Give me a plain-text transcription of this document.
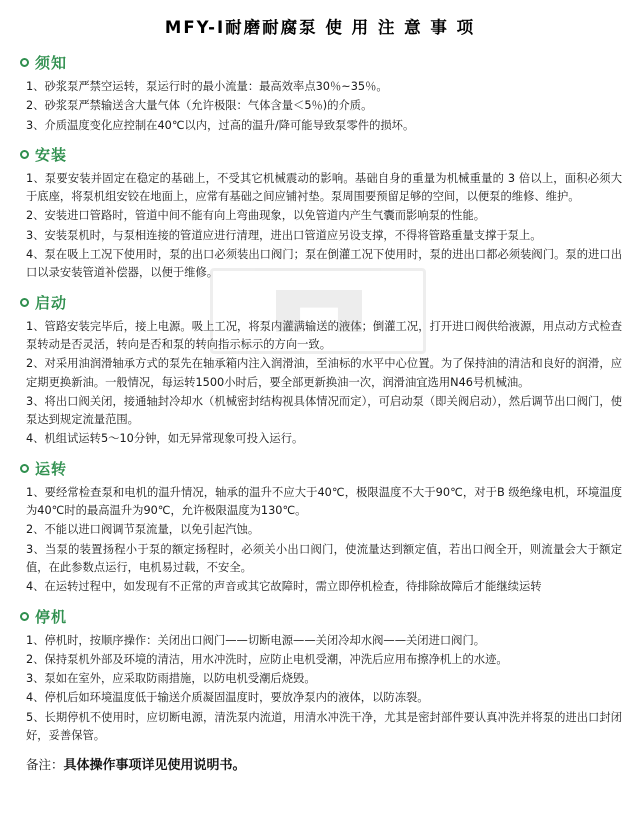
MFY-I耐磨耐腐泵 使 用 注 意 事 项
须知
1、砂浆泵严禁空运转，泵运行时的最小流量：最高效率点30％~35％。
2、砂浆泵严禁输送含大量气体（允许极限：气体含量＜5％)的介质。
3、介质温度变化应控制在40℃以内，过高的温升/降可能导致泵零件的损坏。
安装
1、泵要安装并固定在稳定的基础上，不受其它机械震动的影响。基础自身的重量为机械重量的 3 倍以上，面积必须大于底座，将泵机组安铰在地面上，应常有基础之间应铺衬垫。泵周围要预留足够的空间，以便泵的维修、维护。
2、安装进口管路时，管道中间不能有向上弯曲现象，以免管道内产生气囊而影响泵的性能。
3、安装泵机时，与泵相连接的管道应进行清理，进出口管道应另设支撑，不得将管路重量支撑于泵上。
4、泵在吸上工况下使用时，泵的出口必须装出口阀门；泵在倒灌工况下使用时，泵的进出口都必须装阀门。泵的进口出口以录安装管道补偿器，以便于维修。
启动
1、管路安装完毕后，接上电源。吸上工况，将泵内灌满输送的液体；倒灌工况，打开进口阀供给液源，用点动方式检查泵转动是否灵活，转向是否和泵的转向指示标示的方向一致。
2、对采用油润滑轴承方式的泵先在轴承箱内注入润滑油，至油标的水平中心位置。为了保持油的清洁和良好的润滑，应定期更换新油。一般情况，每运转1500小时后，要全部更新换油一次，润滑油宜选用N46号机械油。
3、将出口阀关闭，接通轴封冷却水（机械密封结构视具体情况而定），可启动泵（即关阀启动），然后调节出口阀门，使泵达到规定流量范围。
4、机组试运转5～10分钟，如无异常现象可投入运行。
运转
1、要经常检查泵和电机的温升情况，轴承的温升不应大于40℃，极限温度不大于90℃，对于B 级绝缘电机，环境温度为40℃时的最高温升为90℃，允许极限温度为130℃。
2、不能以进口阀调节泵流量，以免引起汽蚀。
3、当泵的装置扬程小于泵的额定扬程时，必须关小出口阀门，使流量达到额定值，若出口阀全开，则流量会大于额定值，在此参数点运行，电机易过载，不安全。
4、在运转过程中，如发现有不正常的声音或其它故障时，需立即停机检查，待排除故障后才能继续运转
停机
1、停机时，按顺序操作：关闭出口阀门——切断电源——关闭冷却水阀——关闭进口阀门。
2、保持泵机外部及环境的清洁，用水冲洗时，应防止电机受潮，冲洗后应用布擦净机上的水迹。
3、泵如在室外，应采取防雨措施，以防电机受潮后烧毁。
4、停机后如环境温度低于输送介质凝固温度时，要放净泵内的液体，以防冻裂。
5、长期停机不使用时，应切断电源，清洗泵内流道，用清水冲洗干净，尤其是密封部件要认真冲洗并将泵的进出口封闭好，妥善保管。
备注：具体操作事项详见使用说明书。
